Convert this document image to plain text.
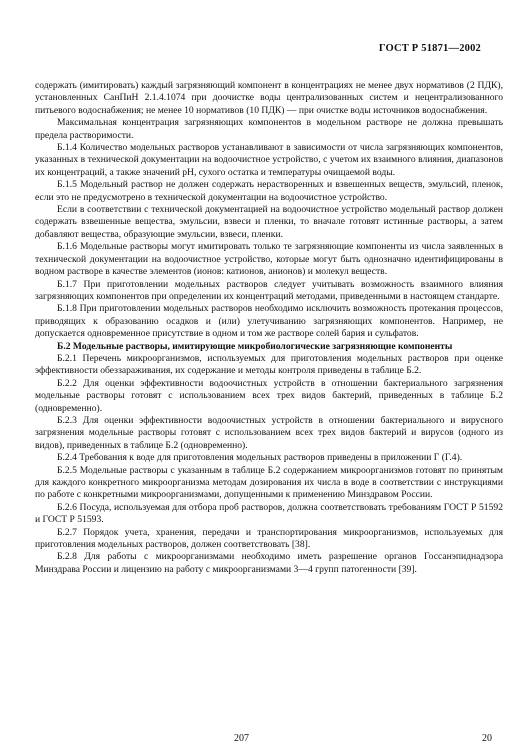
ГОСТ Р 51871—2002

содержать (имитировать) каждый загрязняющий компонент в концентрациях не менее двух нормативов (2 ПДК), установленных СанПиН 2.1.4.1074 при доочистке воды централизованных систем и нецентрализованного питьевого водоснабжения; не менее 10 нормативов (10 ПДК) — при очистке воды источников водоснабжения.

Максимальная концентрация загрязняющих компонентов в модельном растворе не должна превышать предела растворимости.

Б.1.4 Количество модельных растворов устанавливают в зависимости от числа загрязняющих компонентов, указанных в технической документации на водоочистное устройство, с учетом их взаимного влияния, диапазонов их концентраций, а также значений pH, сухого остатка и температуры очищаемой воды.

Б.1.5 Модельный раствор не должен содержать нерастворенных и взвешенных веществ, эмульсий, пленок, если это не предусмотрено в технической документации на водоочистное устройство.

Если в соответствии с технической документацией на водоочистное устройство модельный раствор должен содержать взвешенные вещества, эмульсии, взвеси и пленки, то вначале готовят истинные растворы, а затем добавляют вещества, образующие эмульсии, взвеси, пленки.

Б.1.6 Модельные растворы могут имитировать только те загрязняющие компоненты из числа заявленных в технической документации на водоочистное устройство, которые могут быть однозначно идентифицированы в водном растворе в качестве элементов (ионов: катионов, анионов) и молекул веществ.

Б.1.7 При приготовлении модельных растворов следует учитывать возможность взаимного влияния загрязняющих компонентов при определении их концентраций методами, приведенными в настоящем стандарте.

Б.1.8 При приготовлении модельных растворов необходимо исключить возможность протекания процессов, приводящих к образованию осадков и (или) улетучиванию загрязняющих компонентов. Например, не допускается одновременное присутствие в одном и том же растворе солей бария и сульфатов.

Б.2 Модельные растворы, имитирующие микробиологические загрязняющие компоненты

Б.2.1 Перечень микроорганизмов, используемых для приготовления модельных растворов при оценке эффективности обеззараживания, их содержание и методы контроля приведены в таблице Б.2.

Б.2.2 Для оценки эффективности водоочистных устройств в отношении бактериального загрязнения модельные растворы готовят с использованием всех трех видов бактерий, приведенных в таблице Б.2 (одновременно).

Б.2.3 Для оценки эффективности водоочистных устройств в отношении бактериального и вирусного загрязнения модельные растворы готовят с использованием всех трех видов бактерий и вирусов (одного из видов), приведенных в таблице Б.2 (одновременно).

Б.2.4 Требования к воде для приготовления модельных растворов приведены в приложении Г (Г.4).

Б.2.5 Модельные растворы с указанным в таблице Б.2 содержанием микроорганизмов готовят по принятым для каждого конкретного микроорганизма методам дозирования их числа в воде в соответствии с инструкциями по работе с конкретными микроорганизмами, допущенными к применению Минздравом России.

Б.2.6 Посуда, используемая для отбора проб растворов, должна соответствовать требованиям ГОСТ Р 51592 и ГОСТ Р 51593.

Б.2.7 Порядок учета, хранения, передачи и транспортирования микроорганизмов, используемых для приготовления модельных растворов, должен соответствовать [38].

Б.2.8 Для работы с микроорганизмами необходимо иметь разрешение органов Госсанэпиднадзора Минздрава России и лицензию на работу с микроорганизмами 3—4 групп патогенности [39].

207	20
